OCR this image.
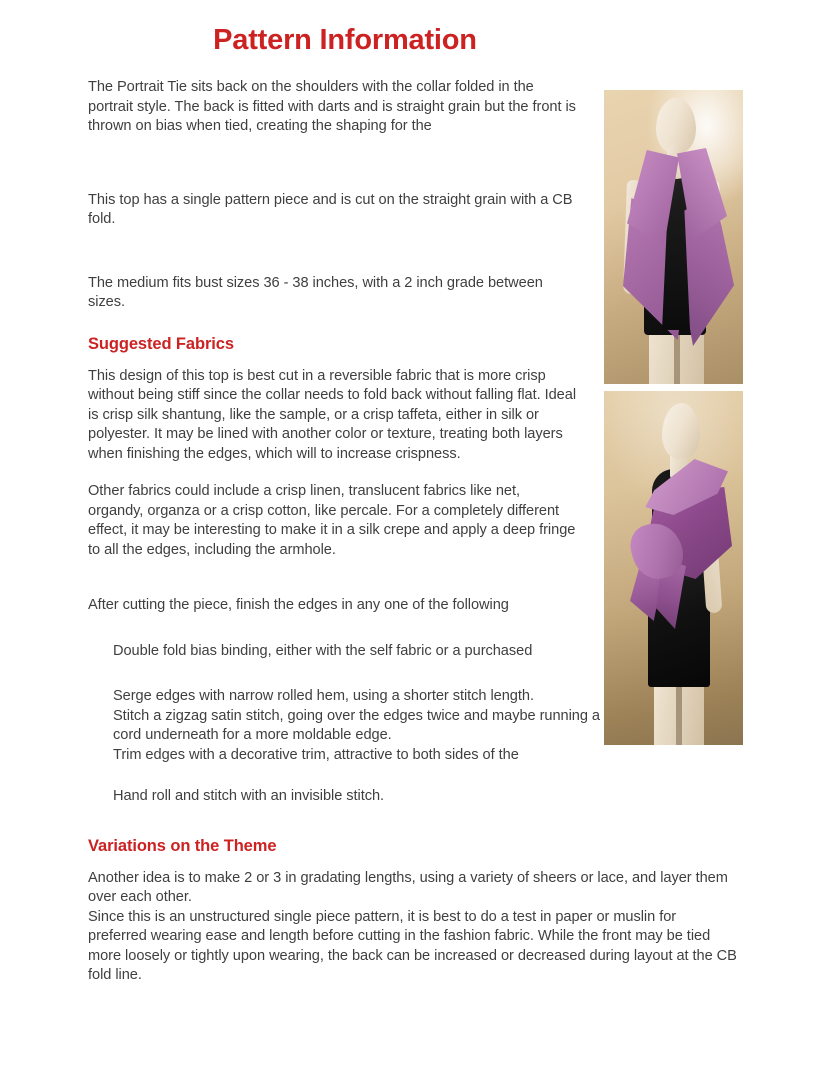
Pattern Information

The Portrait Tie sits back on the shoulders with the collar folded in the portrait style. The back is fitted with darts and is straight grain but the front is thrown on bias when tied, creating the shaping for the

This top has a single pattern piece and is cut on the straight grain with a CB fold.

The medium fits bust sizes 36 - 38 inches, with a 2 inch grade between sizes.

Suggested Fabrics

This design of this top is best cut in a reversible fabric that is more crisp without being stiff since the collar needs to fold back without falling flat. Ideal is crisp silk shantung, like the sample, or a crisp taffeta, either in silk or polyester. It may be lined with another color or texture, treating both layers when finishing the edges, which will to increase crispness.

Other fabrics could include a crisp linen, translucent fabrics like net, organdy, organza or a crisp cotton, like percale. For a completely different effect, it may be interesting to make it in a silk crepe and apply a deep fringe to all the edges, including the armhole.

After cutting the piece, finish the edges in any one of the following

Double fold bias binding, either with the self fabric or a purchased

Serge edges with narrow rolled hem, using a shorter stitch length.

Stitch a zigzag satin stitch, going over the edges twice and maybe running a cord underneath for a more moldable edge.

Trim edges with a decorative trim, attractive to both sides of the

Hand roll and stitch with an invisible stitch.

Variations on the Theme

Another idea is to make 2 or 3 in gradating lengths, using a variety of sheers or lace, and layer them over each other.

Since this is an unstructured single piece pattern, it is best to do a test in paper or muslin for preferred wearing ease and length before cutting in the fashion fabric. While the front may be tied more loosely or tightly upon wearing, the back can be increased or decreased during layout at the CB fold line.
